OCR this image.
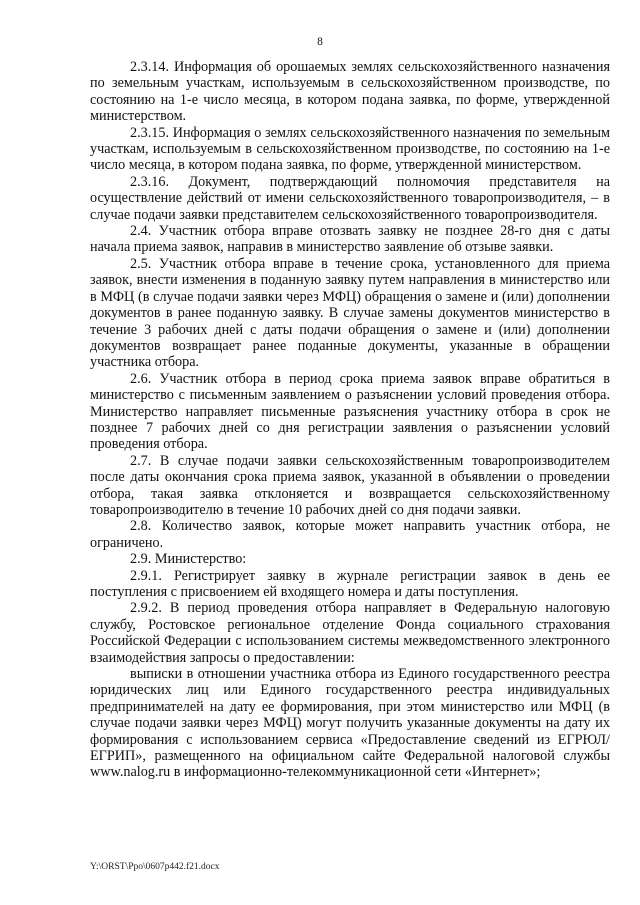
8

2.3.14. Информация об орошаемых землях сельскохозяйственного назначения по земельным участкам, используемым в сельскохозяйственном производстве, по состоянию на 1-е число месяца, в котором подана заявка, по форме, утвержденной министерством.

2.3.15. Информация о землях сельскохозяйственного назначения по земельным участкам, используемым в сельскохозяйственном производстве, по состоянию на 1-е число месяца, в котором подана заявка, по форме, утвержденной министерством.

2.3.16. Документ, подтверждающий полномочия представителя на осуществление действий от имени сельскохозяйственного товаропроизводителя, – в случае подачи заявки представителем сельскохозяйственного товаропроизводителя.

2.4. Участник отбора вправе отозвать заявку не позднее 28-го дня с даты начала приема заявок, направив в министерство заявление об отзыве заявки.

2.5. Участник отбора вправе в течение срока, установленного для приема заявок, внести изменения в поданную заявку путем направления в министерство или в МФЦ (в случае подачи заявки через МФЦ) обращения о замене и (или) дополнении документов в ранее поданную заявку. В случае замены документов министерство в течение 3 рабочих дней с даты подачи обращения о замене и (или) дополнении документов возвращает ранее поданные документы, указанные в обращении участника отбора.

2.6. Участник отбора в период срока приема заявок вправе обратиться в министерство с письменным заявлением о разъяснении условий проведения отбора. Министерство направляет письменные разъяснения участнику отбора в срок не позднее 7 рабочих дней со дня регистрации заявления о разъяснении условий проведения отбора.

2.7. В случае подачи заявки сельскохозяйственным товаропроизводителем после даты окончания срока приема заявок, указанной в объявлении о проведении отбора, такая заявка отклоняется и возвращается сельскохозяйственному товаропроизводителю в течение 10 рабочих дней со дня подачи заявки.

2.8. Количество заявок, которые может направить участник отбора, не ограничено.

2.9. Министерство:

2.9.1. Регистрирует заявку в журнале регистрации заявок в день ее поступления с присвоением ей входящего номера и даты поступления.

2.9.2. В период проведения отбора направляет в Федеральную налоговую службу, Ростовское региональное отделение Фонда социального страхования Российской Федерации с использованием системы межведомственного электронного взаимодействия запросы о предоставлении:

выписки в отношении участника отбора из Единого государственного реестра юридических лиц или Единого государственного реестра индивидуальных предпринимателей на дату ее формирования, при этом министерство или МФЦ (в случае подачи заявки через МФЦ) могут получить указанные документы на дату их формирования с использованием сервиса «Предоставление сведений из ЕГРЮЛ/ЕГРИП», размещенного на официальном сайте Федеральной налоговой службы www.nalog.ru в информационно-телекоммуникационной сети «Интернет»;

Y:\ORST\Ppo\0607p442.f21.docx
